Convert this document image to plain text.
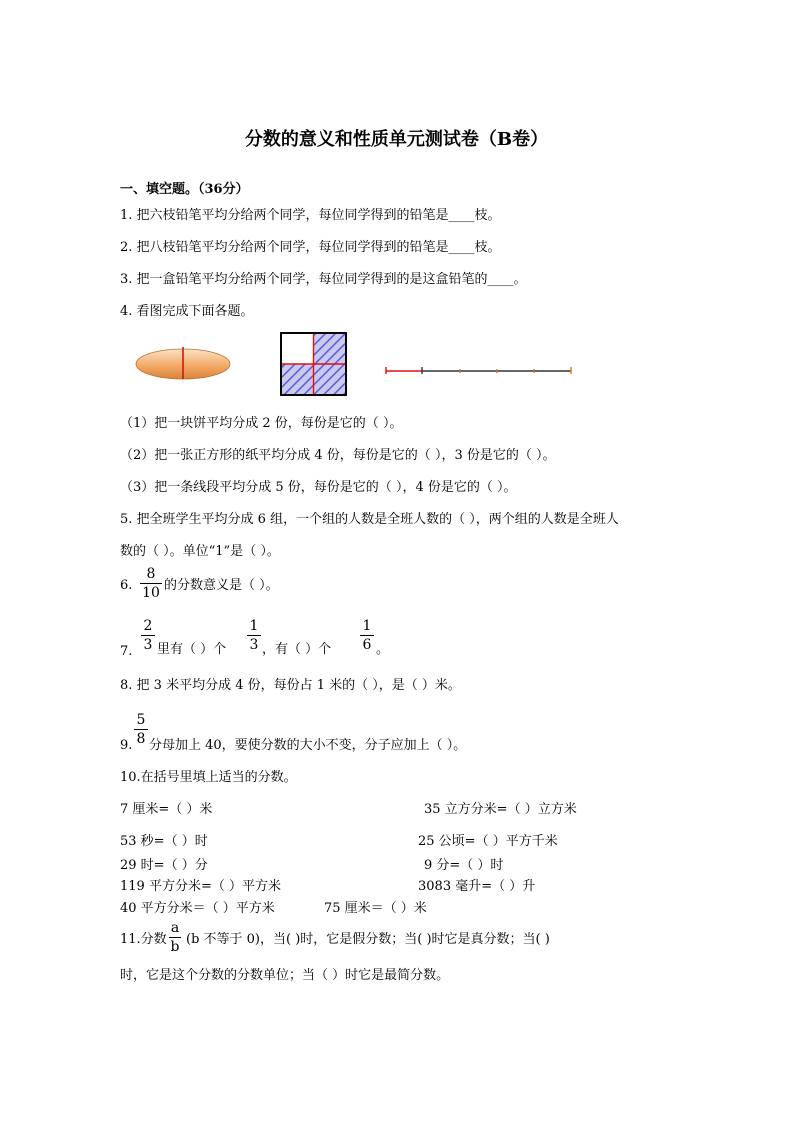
分数的意义和性质单元测试卷（B卷）
一、填空题。（36分）
1. 把六枝铅笔平均分给两个同学，每位同学得到的铅笔是____枝。
2. 把八枝铅笔平均分给两个同学，每位同学得到的铅笔是____枝。
3. 把一盒铅笔平均分给两个同学，每位同学得到的是这盒铅笔的____。
4. 看图完成下面各题。
（1）把一块饼平均分成 2 份，每份是它的（ ）。
（2）把一张正方形的纸平均分成 4 份，每份是它的（ ），3 份是它的（ ）。
（3）把一条线段平均分成 5 份，每份是它的（ ），4 份是它的（ ）。
5. 把全班学生平均分成 6 组，一个组的人数是全班人数的（ ），两个组的人数是全班人
数的（ ）。单位“1”是（ ）。
6.
8
10 的分数意义是（ ）。
7.
2
3 里有（ ）个
1
3 ，有（ ）个
1
6 。
8. 把 3 米平均分成 4 份，每份占 1 米的（ ），是（ ）米。
9.
5
8 分母加上 40，要使分数的大小不变，分子应加上（ ）。
10.在括号里填上适当的分数。
7 厘米=（ ）米	35 立方分米=（ ）立方米
53 秒=（ ）时	25 公顷=（ ）平方千米
29 时=（ ）分	9 分=（ ）时
119 平方分米=（ ）平方米	3083 毫升=（ ）升
40 平方分米＝（ ）平方米	75 厘米＝（ ）米
11.分数
a
b (b 不等于 0)，当( )时，它是假分数；当( )时它是真分数；当( )
时，它是这个分数的分数单位；当（ ）时它是最简分数。
